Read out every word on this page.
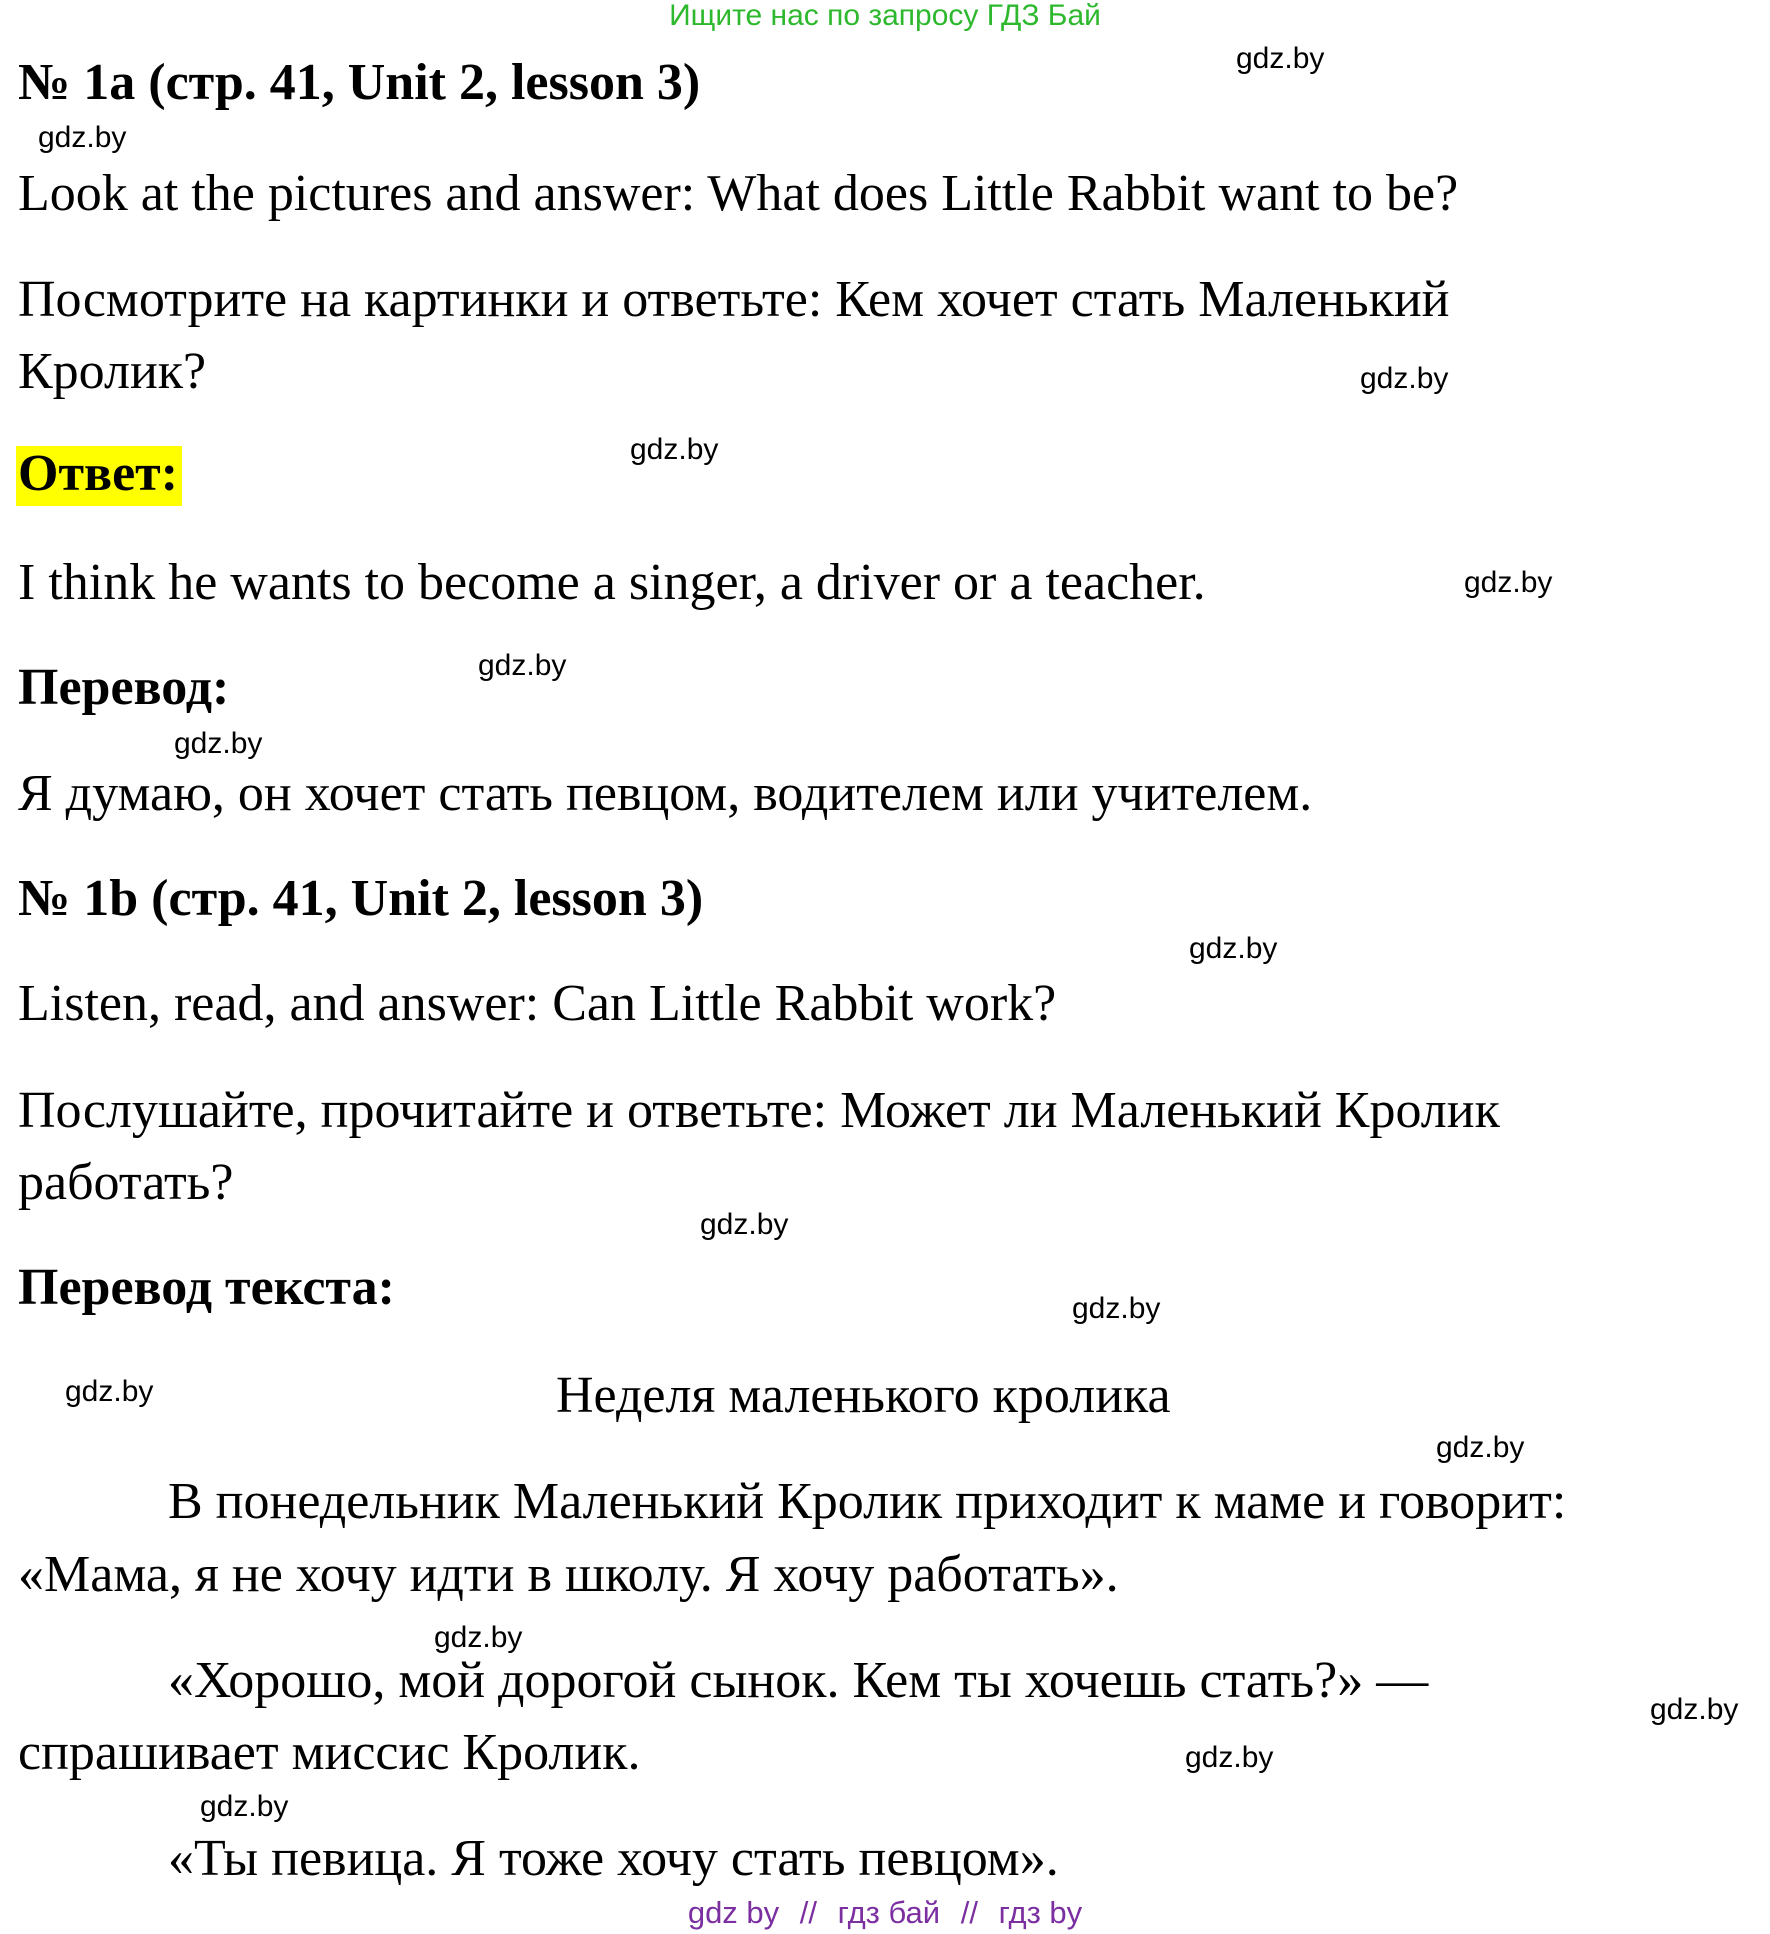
Ищите нас по запросу ГДЗ Бай
№ 1a (стр. 41, Unit 2, lesson 3)
Look at the pictures and answer: What does Little Rabbit want to be?
Посмотрите на картинки и ответьте: Кем хочет стать Маленький
Кролик?
Ответ:
I think he wants to become a singer, a driver or a teacher.
Перевод:
Я думаю, он хочет стать певцом, водителем или учителем.
№ 1b (стр. 41, Unit 2, lesson 3)
Listen, read, and answer: Can Little Rabbit work?
Послушайте, прочитайте и ответьте: Может ли Маленький Кролик
работать?
Перевод текста:
Неделя маленького кролика
В понедельник Маленький Кролик приходит к маме и говорит:
«Мама, я не хочу идти в школу. Я хочу работать».
«Хорошо, мой дорогой сынок. Кем ты хочешь стать?» —
спрашивает миссис Кролик.
«Ты певица. Я тоже хочу стать певцом».
gdz.by
gdz.by
gdz.by
gdz.by
gdz.by
gdz.by
gdz.by
gdz.by
gdz.by
gdz.by
gdz.by
gdz.by
gdz.by
gdz.by
gdz.by
gdz.by
gdz by // гдз бай // гдз by
